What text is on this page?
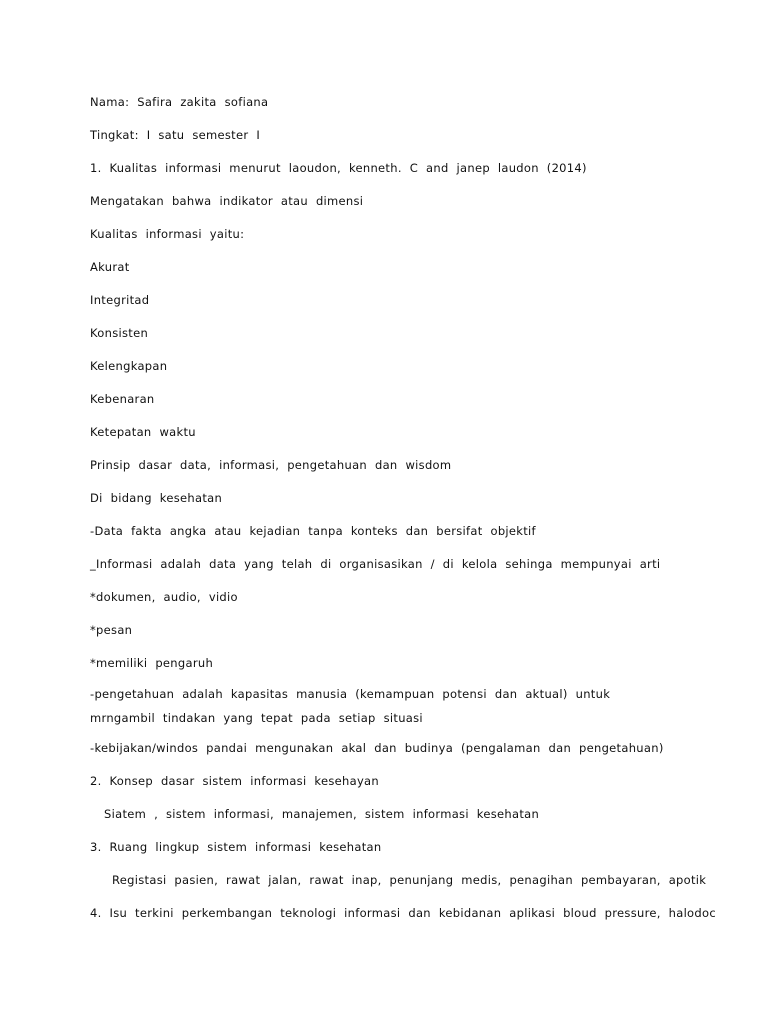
Nama: Safira zakita sofiana
Tingkat: I satu semester I
1. Kualitas informasi menurut laoudon, kenneth. C and janep laudon (2014)
Mengatakan bahwa indikator atau dimensi
Kualitas informasi yaitu:
Akurat
Integritad
Konsisten
Kelengkapan
Kebenaran
Ketepatan waktu
Prinsip dasar data, informasi, pengetahuan dan wisdom
Di bidang kesehatan
-Data fakta angka atau kejadian tanpa konteks dan bersifat objektif
_Informasi adalah data yang telah di organisasikan / di kelola sehinga mempunyai arti
*dokumen, audio, vidio
*pesan
*memiliki pengaruh
-pengetahuan adalah kapasitas manusia (kemampuan potensi dan aktual) untuk mrngambil tindakan yang tepat pada setiap situasi
-kebijakan/windos pandai mengunakan akal dan budinya (pengalaman dan pengetahuan)
2. Konsep dasar sistem informasi kesehayan
Siatem , sistem informasi, manajemen, sistem informasi kesehatan
3. Ruang lingkup sistem informasi kesehatan
Registasi pasien, rawat jalan, rawat inap, penunjang medis, penagihan pembayaran, apotik
4. Isu terkini perkembangan teknologi informasi dan kebidanan aplikasi bloud pressure, halodoc
